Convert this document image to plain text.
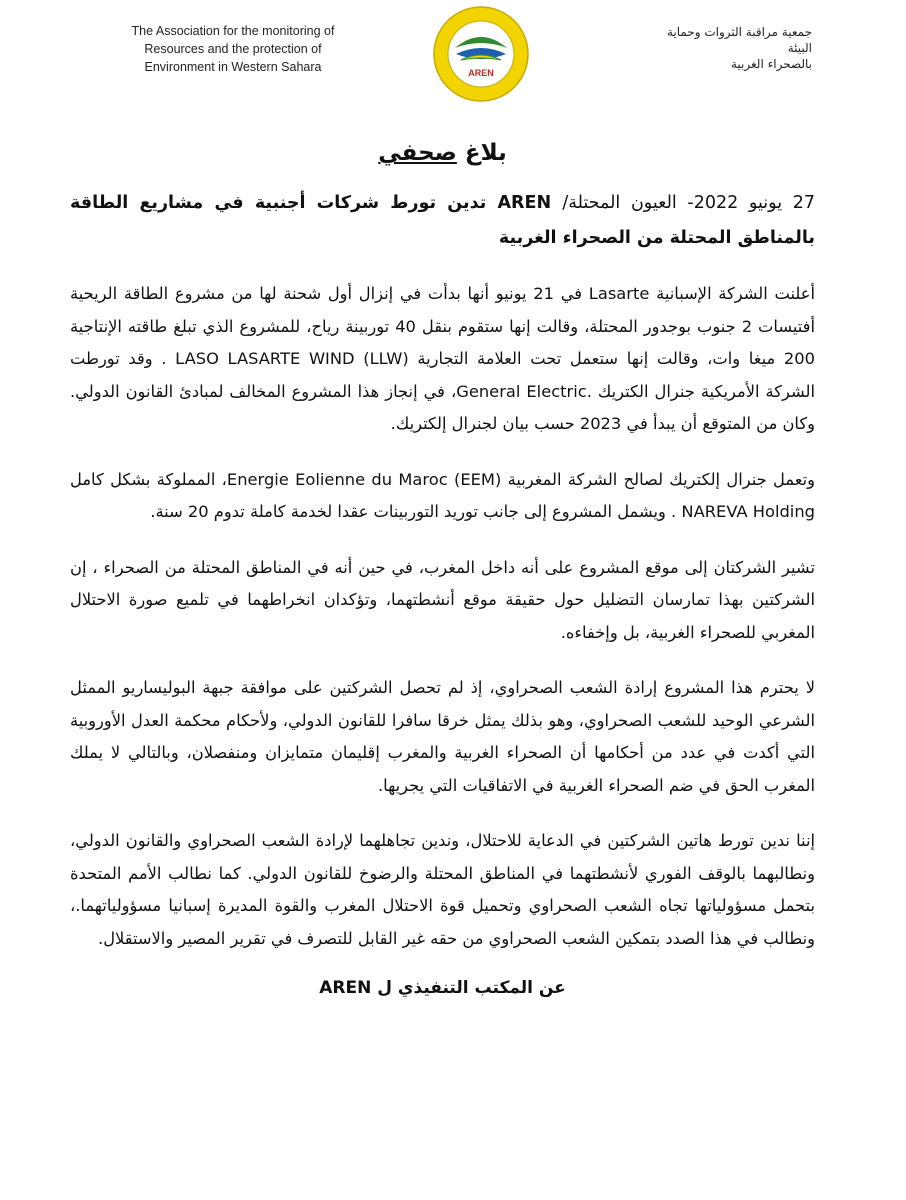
The Association for the monitoring of Resources and the protection of Environment in Western Sahara	AREN
جمعية مراقبة الثروات وحماية البيئة
بالصحراء الغربية
بلاغ صحفي
27 يونيو 2022- العيون المحتلة/ AREN تدين تورط شركات أجنبية في مشاريع الطاقة بالمناطق المحتلة من الصحراء الغربية

أعلنت الشركة الإسبانية Lasarte في 21 يونيو أنها بدأت في إنزال أول شحنة لها من مشروع الطاقة الريحية أفتيسات 2 جنوب بوجدور المحتلة، وقالت إنها ستقوم بنقل 40 توربينة رياح، للمشروع الذي تبلغ طاقته الإنتاجية 200 ميغا وات، وقالت إنها ستعمل تحت العلامة التجارية LASO LASARTE WIND (LLW) . وقد تورطت الشركة الأمريكية جنرال الكتريك General Electric.، في إنجاز هذا المشروع المخالف لمبادئ القانون الدولي. وكان من المتوقع أن يبدأ في 2023 حسب بيان لجنرال إلكتريك.

وتعمل جنرال إلكتريك لصالح الشركة المغربية Energie Eolienne du Maroc (EEM)، المملوكة بشكل كامل NAREVA Holding . ويشمل المشروع إلى جانب توريد التوربينات عقدا لخدمة كاملة تدوم 20 سنة.

تشير الشركتان إلى موقع المشروع على أنه داخل المغرب، في حين أنه في المناطق المحتلة من الصحراء ، إن الشركتين بهذا تمارسان التضليل حول حقيقة موقع أنشطتهما، وتؤكدان انخراطهما في تلميع صورة الاحتلال المغربي للصحراء الغربية، بل وإخفاءه.

لا يحترم هذا المشروع إرادة الشعب الصحراوي، إذ لم تحصل الشركتين على موافقة جبهة البوليساريو الممثل الشرعي الوحيد للشعب الصحراوي، وهو بذلك يمثل خرقا سافرا للقانون الدولي، ولأحكام محكمة العدل الأوروبية التي أكدت في عدد من أحكامها أن الصحراء الغربية والمغرب إقليمان متمايزان ومنفصلان، وبالتالي لا يملك المغرب الحق في ضم الصحراء الغربية في الاتفاقيات التي يجريها.

إننا ندين تورط هاتين الشركتين في الدعاية للاحتلال، وندين تجاهلهما لإرادة الشعب الصحراوي والقانون الدولي، ونطالبهما بالوقف الفوري لأنشطتهما في المناطق المحتلة والرضوخ للقانون الدولي. كما نطالب الأمم المتحدة بتحمل مسؤولياتها تجاه الشعب الصحراوي وتحميل قوة الاحتلال المغرب والقوة المديرة إسبانيا مسؤولياتهما.، ونطالب في هذا الصدد بتمكين الشعب الصحراوي من حقه غير القابل للتصرف في تقرير المصير والاستقلال.

عن المكتب التنفيذي ل AREN
